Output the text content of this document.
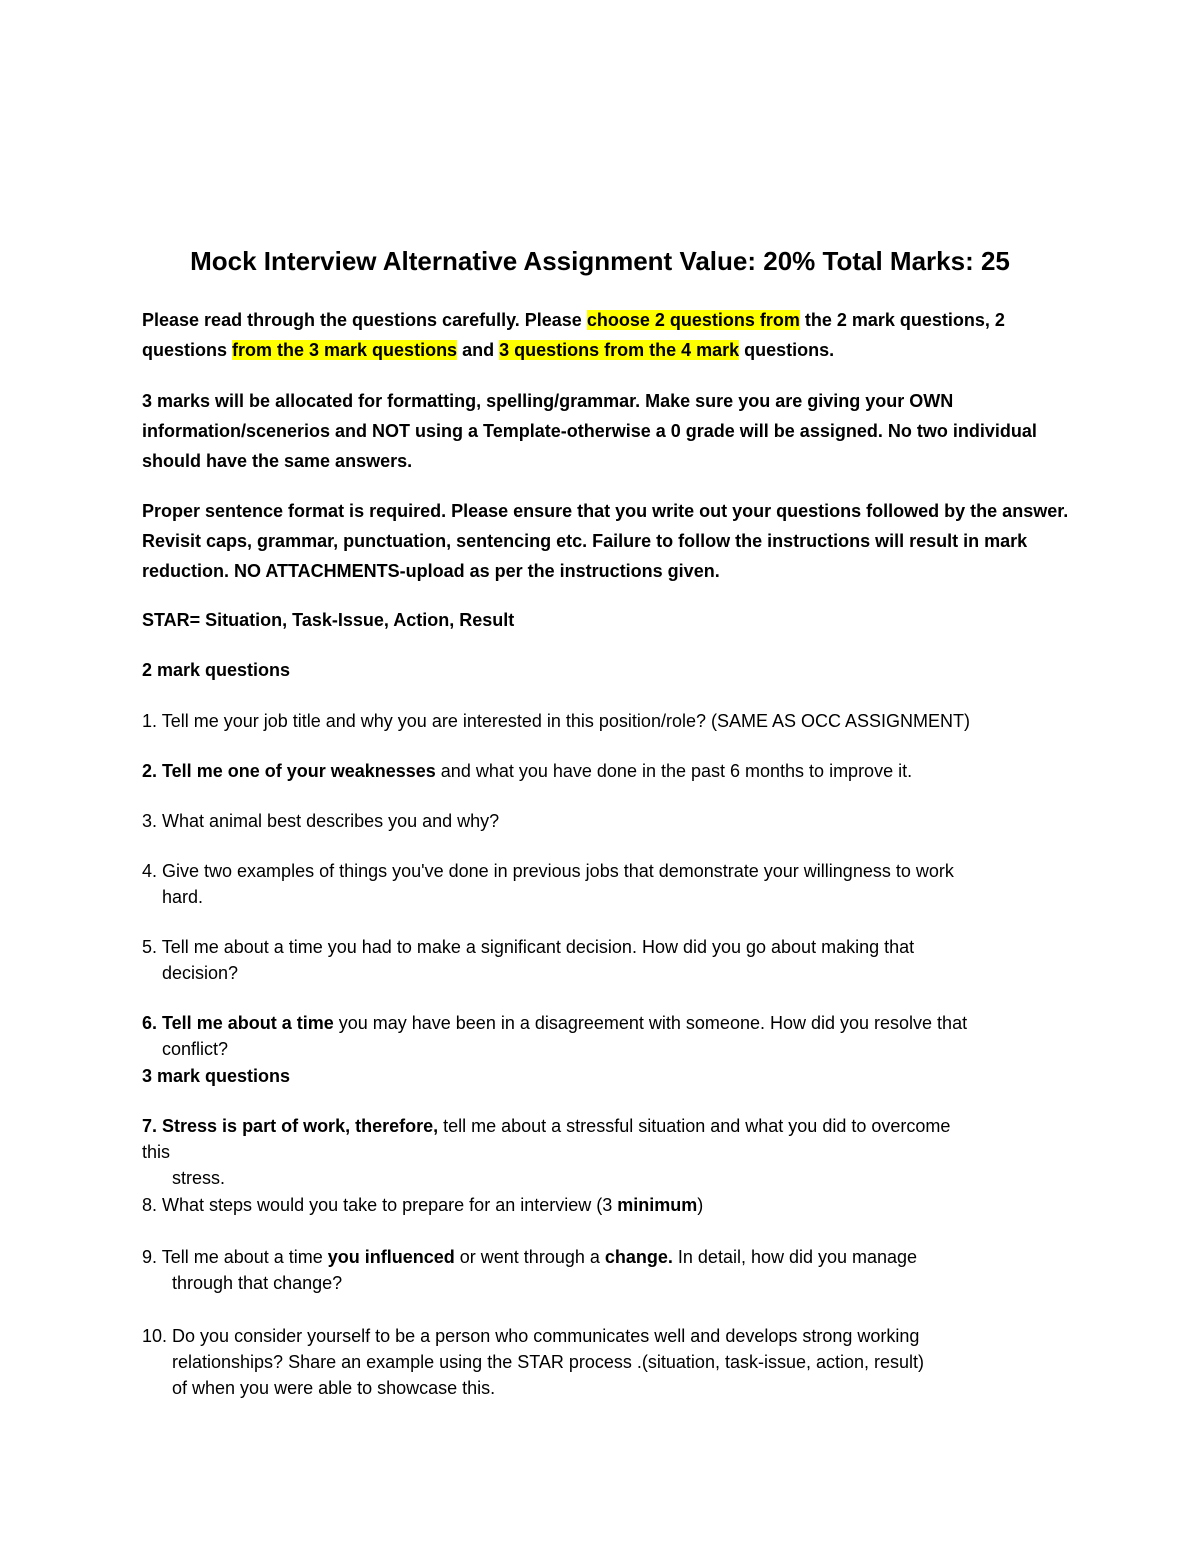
Mock Interview Alternative Assignment Value: 20% Total Marks: 25
Please read through the questions carefully. Please choose 2 questions from the 2 mark questions, 2 questions from the 3 mark questions and 3 questions from the 4 mark questions.
3 marks will be allocated for formatting, spelling/grammar. Make sure you are giving your OWN information/scenerios and NOT using a Template-otherwise a 0 grade will be assigned. No two individual should have the same answers.
Proper sentence format is required. Please ensure that you write out your questions followed by the answer. Revisit caps, grammar, punctuation, sentencing etc. Failure to follow the instructions will result in mark reduction. NO ATTACHMENTS-upload as per the instructions given.
STAR= Situation, Task-Issue, Action, Result
2 mark questions
1. Tell me your job title and why you are interested in this position/role? (SAME AS OCC ASSIGNMENT)
2. Tell me one of your weaknesses and what you have done in the past 6 months to improve it.
3. What animal best describes you and why?
4. Give two examples of things you've done in previous jobs that demonstrate your willingness to work
hard.
5. Tell me about a time you had to make a significant decision. How did you go about making that
decision?
6. Tell me about a time you may have been in a disagreement with someone. How did you resolve that
conflict?
3 mark questions
7. Stress is part of work, therefore, tell me about a stressful situation and what you did to overcome
this
stress.
8. What steps would you take to prepare for an interview (3 minimum)
9. Tell me about a time you influenced or went through a change. In detail, how did you manage
through that change?
10. Do you consider yourself to be a person who communicates well and develops strong working
relationships? Share an example using the STAR process .(situation, task-issue, action, result)
of when you were able to showcase this.
